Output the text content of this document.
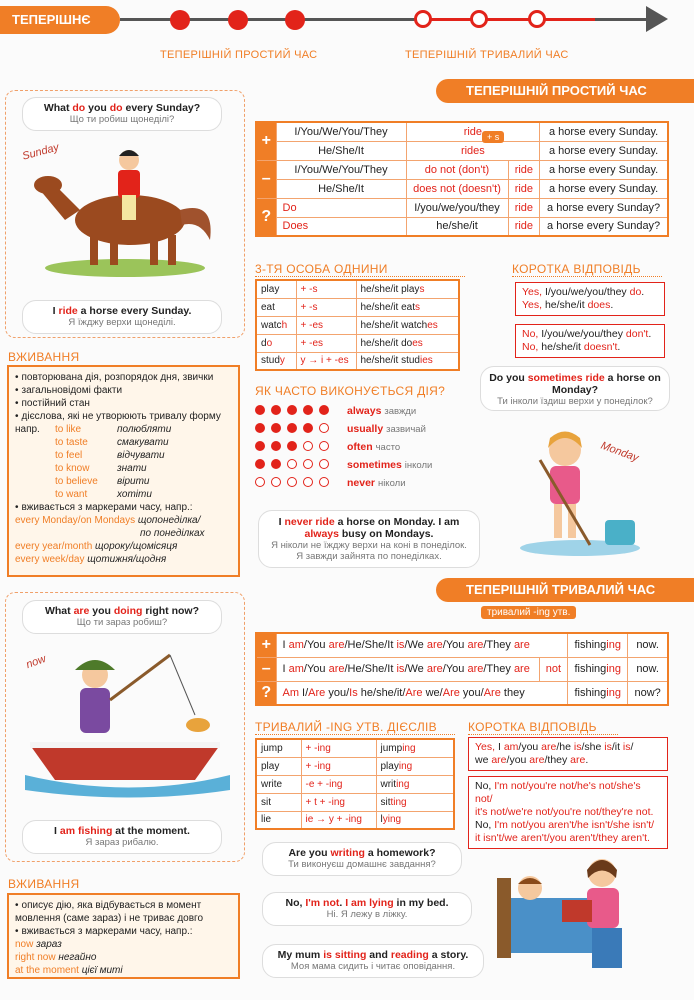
ТЕПЕРІШНЄ
ТЕПЕРІШНІЙ ПРОСТИЙ ЧАС	ТЕПЕРІШНІЙ ТРИВАЛИЙ ЧАС
ТЕПЕРІШНІЙ ПРОСТИЙ ЧАС
What do you do every Sunday?
Що ти робиш щонеділі?
Sunday
I ride a horse every Sunday.
Я їжджу верхи щонеділі.
+	I/You/We/You/They	ride		a horse every Sunday.
	He/She/It	rides		a horse every Sunday.
–	I/You/We/You/They	do not (don't)	ride	a horse every Sunday.
	He/She/It	does not (doesn't)	ride	a horse every Sunday.
?	Do	I/you/we/you/they	ride	a horse every Sunday?
	Does	he/she/it	ride	a horse every Sunday?
+ s
3-ТЯ ОСОБА ОДНИНИ
play	+ -s	he/she/it plays
eat	+ -s	he/she/it eats
watch	+ -es	he/she/it watches
do	+ -es	he/she/it does
study	y → i + -es	he/she/it studies
КОРОТКА ВІДПОВІДЬ
Yes, I/you/we/you/they do.
Yes, he/she/it does.
No, I/you/we/you/they don't.
No, he/she/it doesn't.
ВЖИВАННЯ
• повторювана дія, розпорядок дня, звички
• загальновідомі факти
• постійний стан
• дієслова, які не утворюють тривалу форму
напр. to like	полюбляти
to taste	смакувати
to feel	відчувати
to know	знати
to believe вірити
to want	хотіти
• вживається з маркерами часу, напр.:
every Monday/on Mondays щопонеділка/
по понеділках
every year/month щороку/щомісяця
every week/day щотижня/щодня
ЯК ЧАСТО ВИКОНУЄТЬСЯ ДІЯ?
always
завжди
usually
зазвичай
often
часто
sometimes
інколи
never
ніколи
Do you sometimes ride a horse on Monday?
Ти інколи їздиш верхи у понеділок?
Monday
I never ride a horse on Monday. I am always busy on Mondays.
Я ніколи не їжджу верхи на коні в понеділок. Я завжди зайнята по понеділках.
ТЕПЕРІШНІЙ ТРИВАЛИЙ ЧАС
тривалий -ing утв.
What are you doing right now?
Що ти зараз робиш?
now
I am fishing at the moment.
Я зараз рибалю.
+	I am/You are/He/She/It is/We are/You are/They are		fishinging	now.
–	I am/You are/He/She/It is/We are/You are/They are	not	fishinging	now.
?	Am I/Are you/Is he/she/it/Are we/Are you/Are they		fishinging	now?
ТРИВАЛИЙ -ING УТВ. ДІЄСЛІВ
jump	+ -ing	jumping
play	+ -ing	playing
write	-e + -ing	writing
sit	+ t + -ing	sitting
lie	ie → y + -ing	lying
КОРОТКА ВІДПОВІДЬ
Yes, I am/you are/he is/she is/it is/
we are/you are/they are.
No, I'm not/you're not/he's not/she's not/
it's not/we're not/you're not/they're not.
No, I'm not/you aren't/he isn't/she isn't/
it isn't/we aren't/you aren't/they aren't.
ВЖИВАННЯ
• описує дію, яка відбувається в момент мовлення (саме зараз) і не триває довго
• вживається з маркерами часу, напр.:
now зараз
right now негайно
at the moment цієї миті
Are you writing a homework?
Ти виконуєш домашнє завдання?
No, I'm not. I am lying in my bed.
Ні. Я лежу в ліжку.
My mum is sitting and reading a story.
Моя мама сидить і читає оповідання.
